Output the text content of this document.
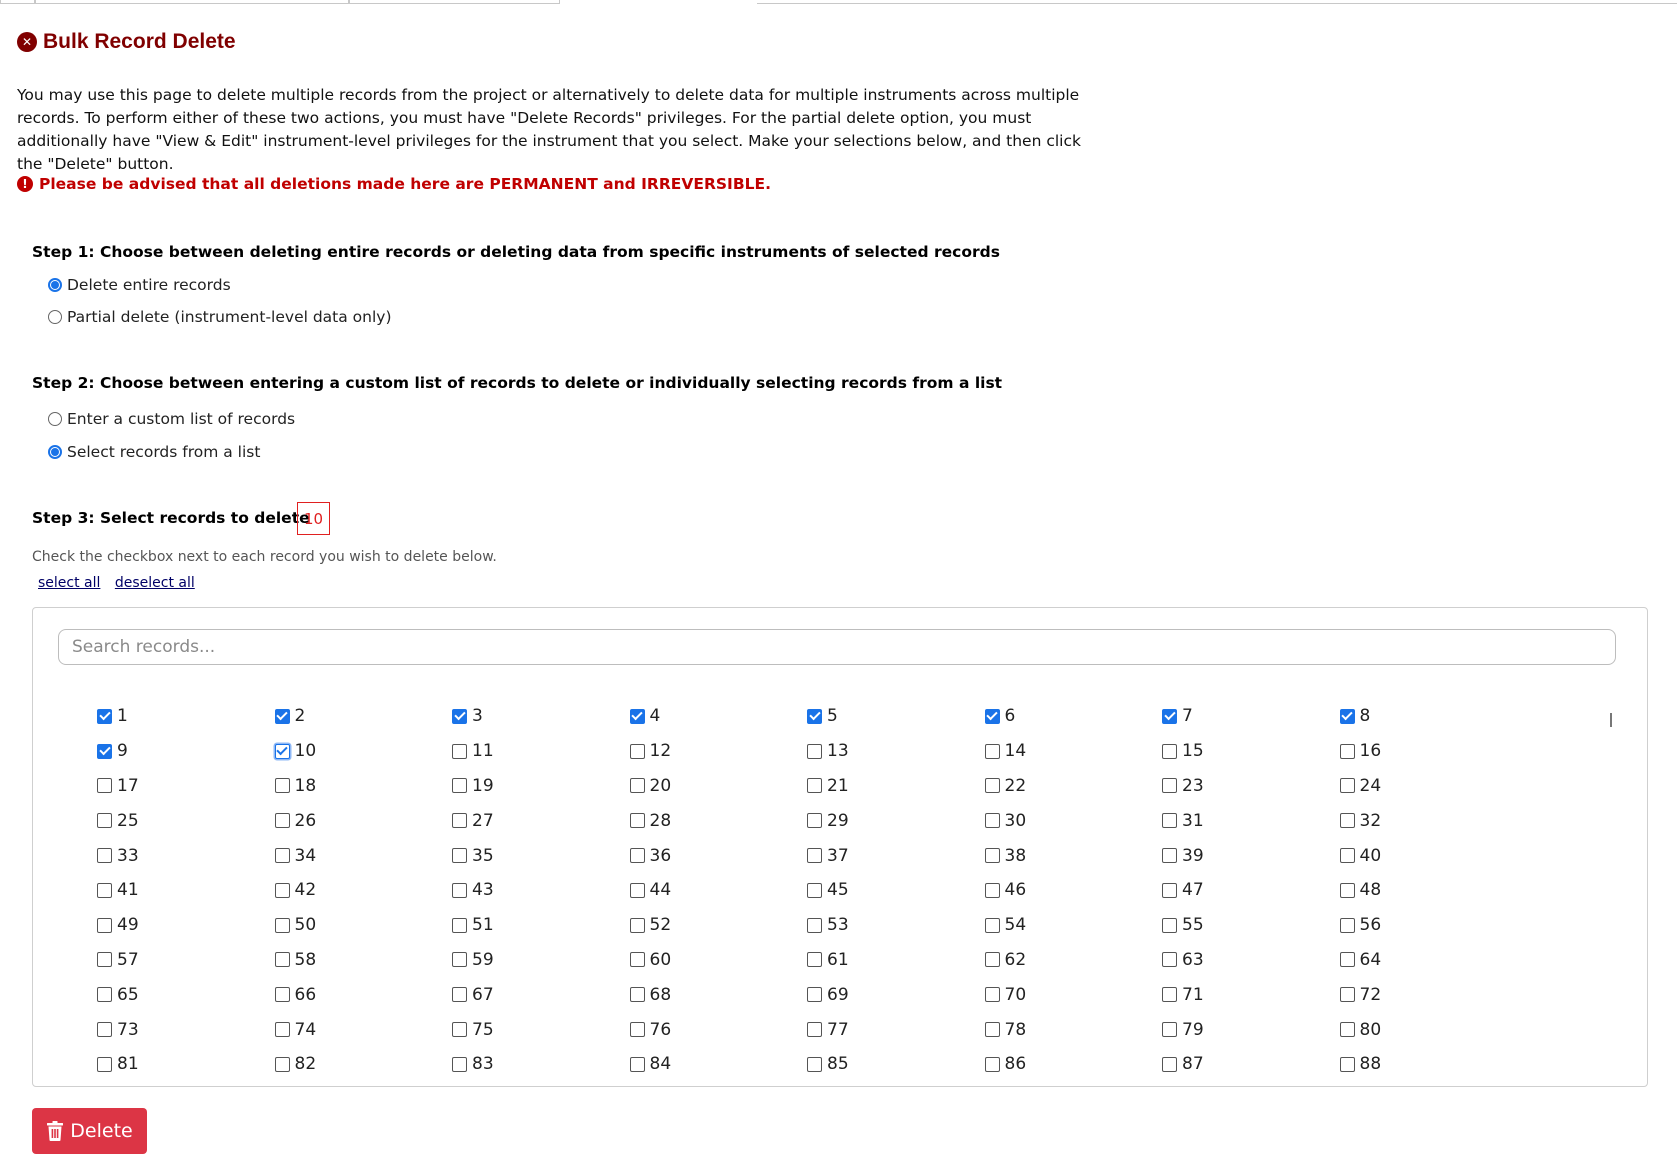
✕ Bulk Record Delete
You may use this page to delete multiple records from the project or alternatively to delete data for multiple instruments across multiple records. To perform either of these two actions, you must have "Delete Records" privileges. For the partial delete option, you must additionally have "View & Edit" instrument-level privileges for the instrument that you select. Make your selections below, and then click the "Delete" button.
! Please be advised that all deletions made here are PERMANENT and IRREVERSIBLE.
Step 1: Choose between deleting entire records or deleting data from specific instruments of selected records
Delete entire records
Partial delete (instrument-level data only)
Step 2: Choose between entering a custom list of records to delete or individually selecting records from a list
Enter a custom list of records
Select records from a list
Step 3: Select records to delete
10
Check the checkbox next to each record you wish to delete below.
select all deselect all
Search records...
1	2	3	4	5	6	7	8
9	10	11	12	13	14	15	16
17	18	19	20	21	22	23	24
25	26	27	28	29	30	31	32
33	34	35	36	37	38	39	40
41	42	43	44	45	46	47	48
49	50	51	52	53	54	55	56
57	58	59	60	61	62	63	64
65	66	67	68	69	70	71	72
73	74	75	76	77	78	79	80
81	82	83	84	85	86	87	88
Delete
